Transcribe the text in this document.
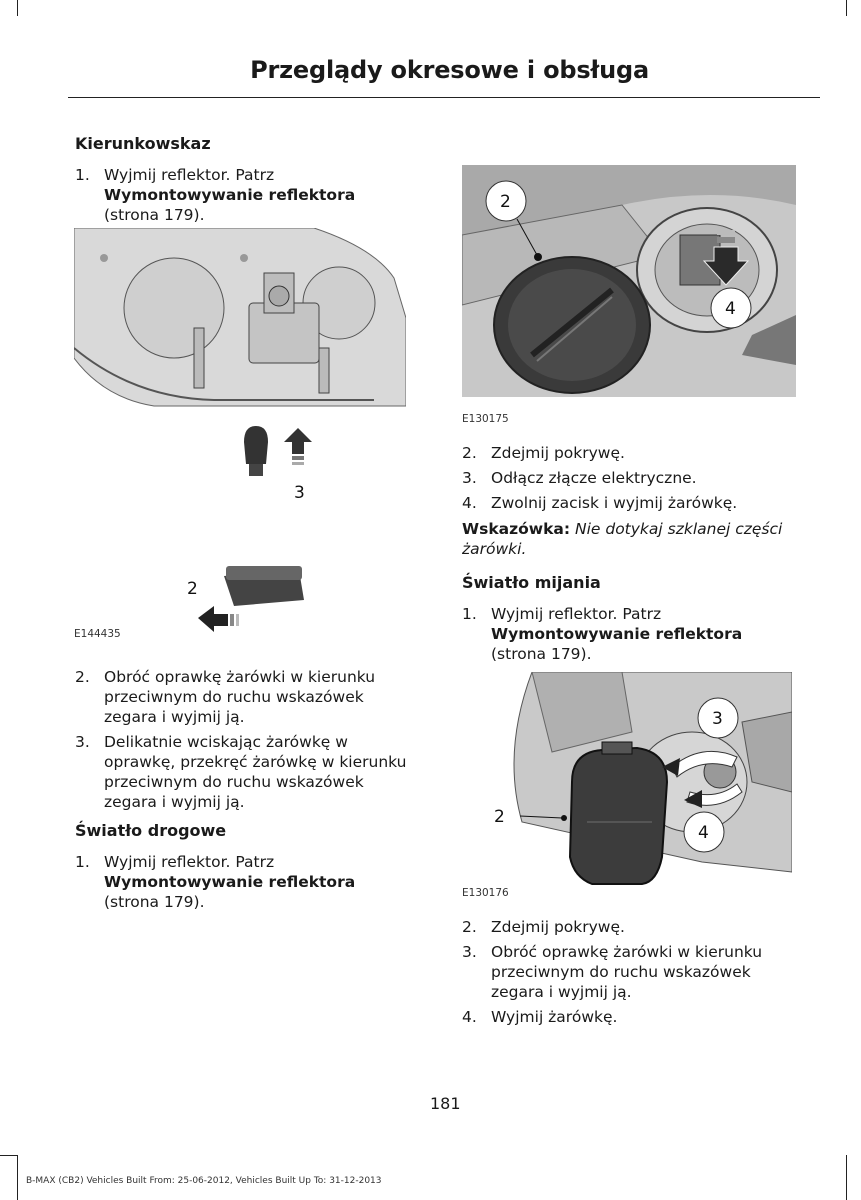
Przeglądy okresowe i obsługa
Kierunkowskaz
1. Wyjmij reflektor. Patrz
Wymontowywanie reflektora
(strona 179).
3
2
E144435
2. Obróć oprawkę żarówki w kierunku
przeciwnym do ruchu wskazówek
zegara i wyjmij ją.
3. Delikatnie wciskając żarówkę w
oprawkę, przekręć żarówkę w kierunku
przeciwnym do ruchu wskazówek
zegara i wyjmij ją.
Światło drogowe
1. Wyjmij reflektor. Patrz
Wymontowywanie reflektora
(strona 179).
2
4
E130175
2. Zdejmij pokrywę.
3. Odłącz złącze elektryczne.
4. Zwolnij zacisk i wyjmij żarówkę.
Wskazówka: Nie dotykaj szklanej części
żarówki.
Światło mijania
1. Wyjmij reflektor. Patrz
Wymontowywanie reflektora
(strona 179).
3
4
2
E130176
2. Zdejmij pokrywę.
3. Obróć oprawkę żarówki w kierunku
przeciwnym do ruchu wskazówek
zegara i wyjmij ją.
4. Wyjmij żarówkę.
181
B-MAX (CB2) Vehicles Built From: 25-06-2012, Vehicles Built Up To: 31-12-2013
